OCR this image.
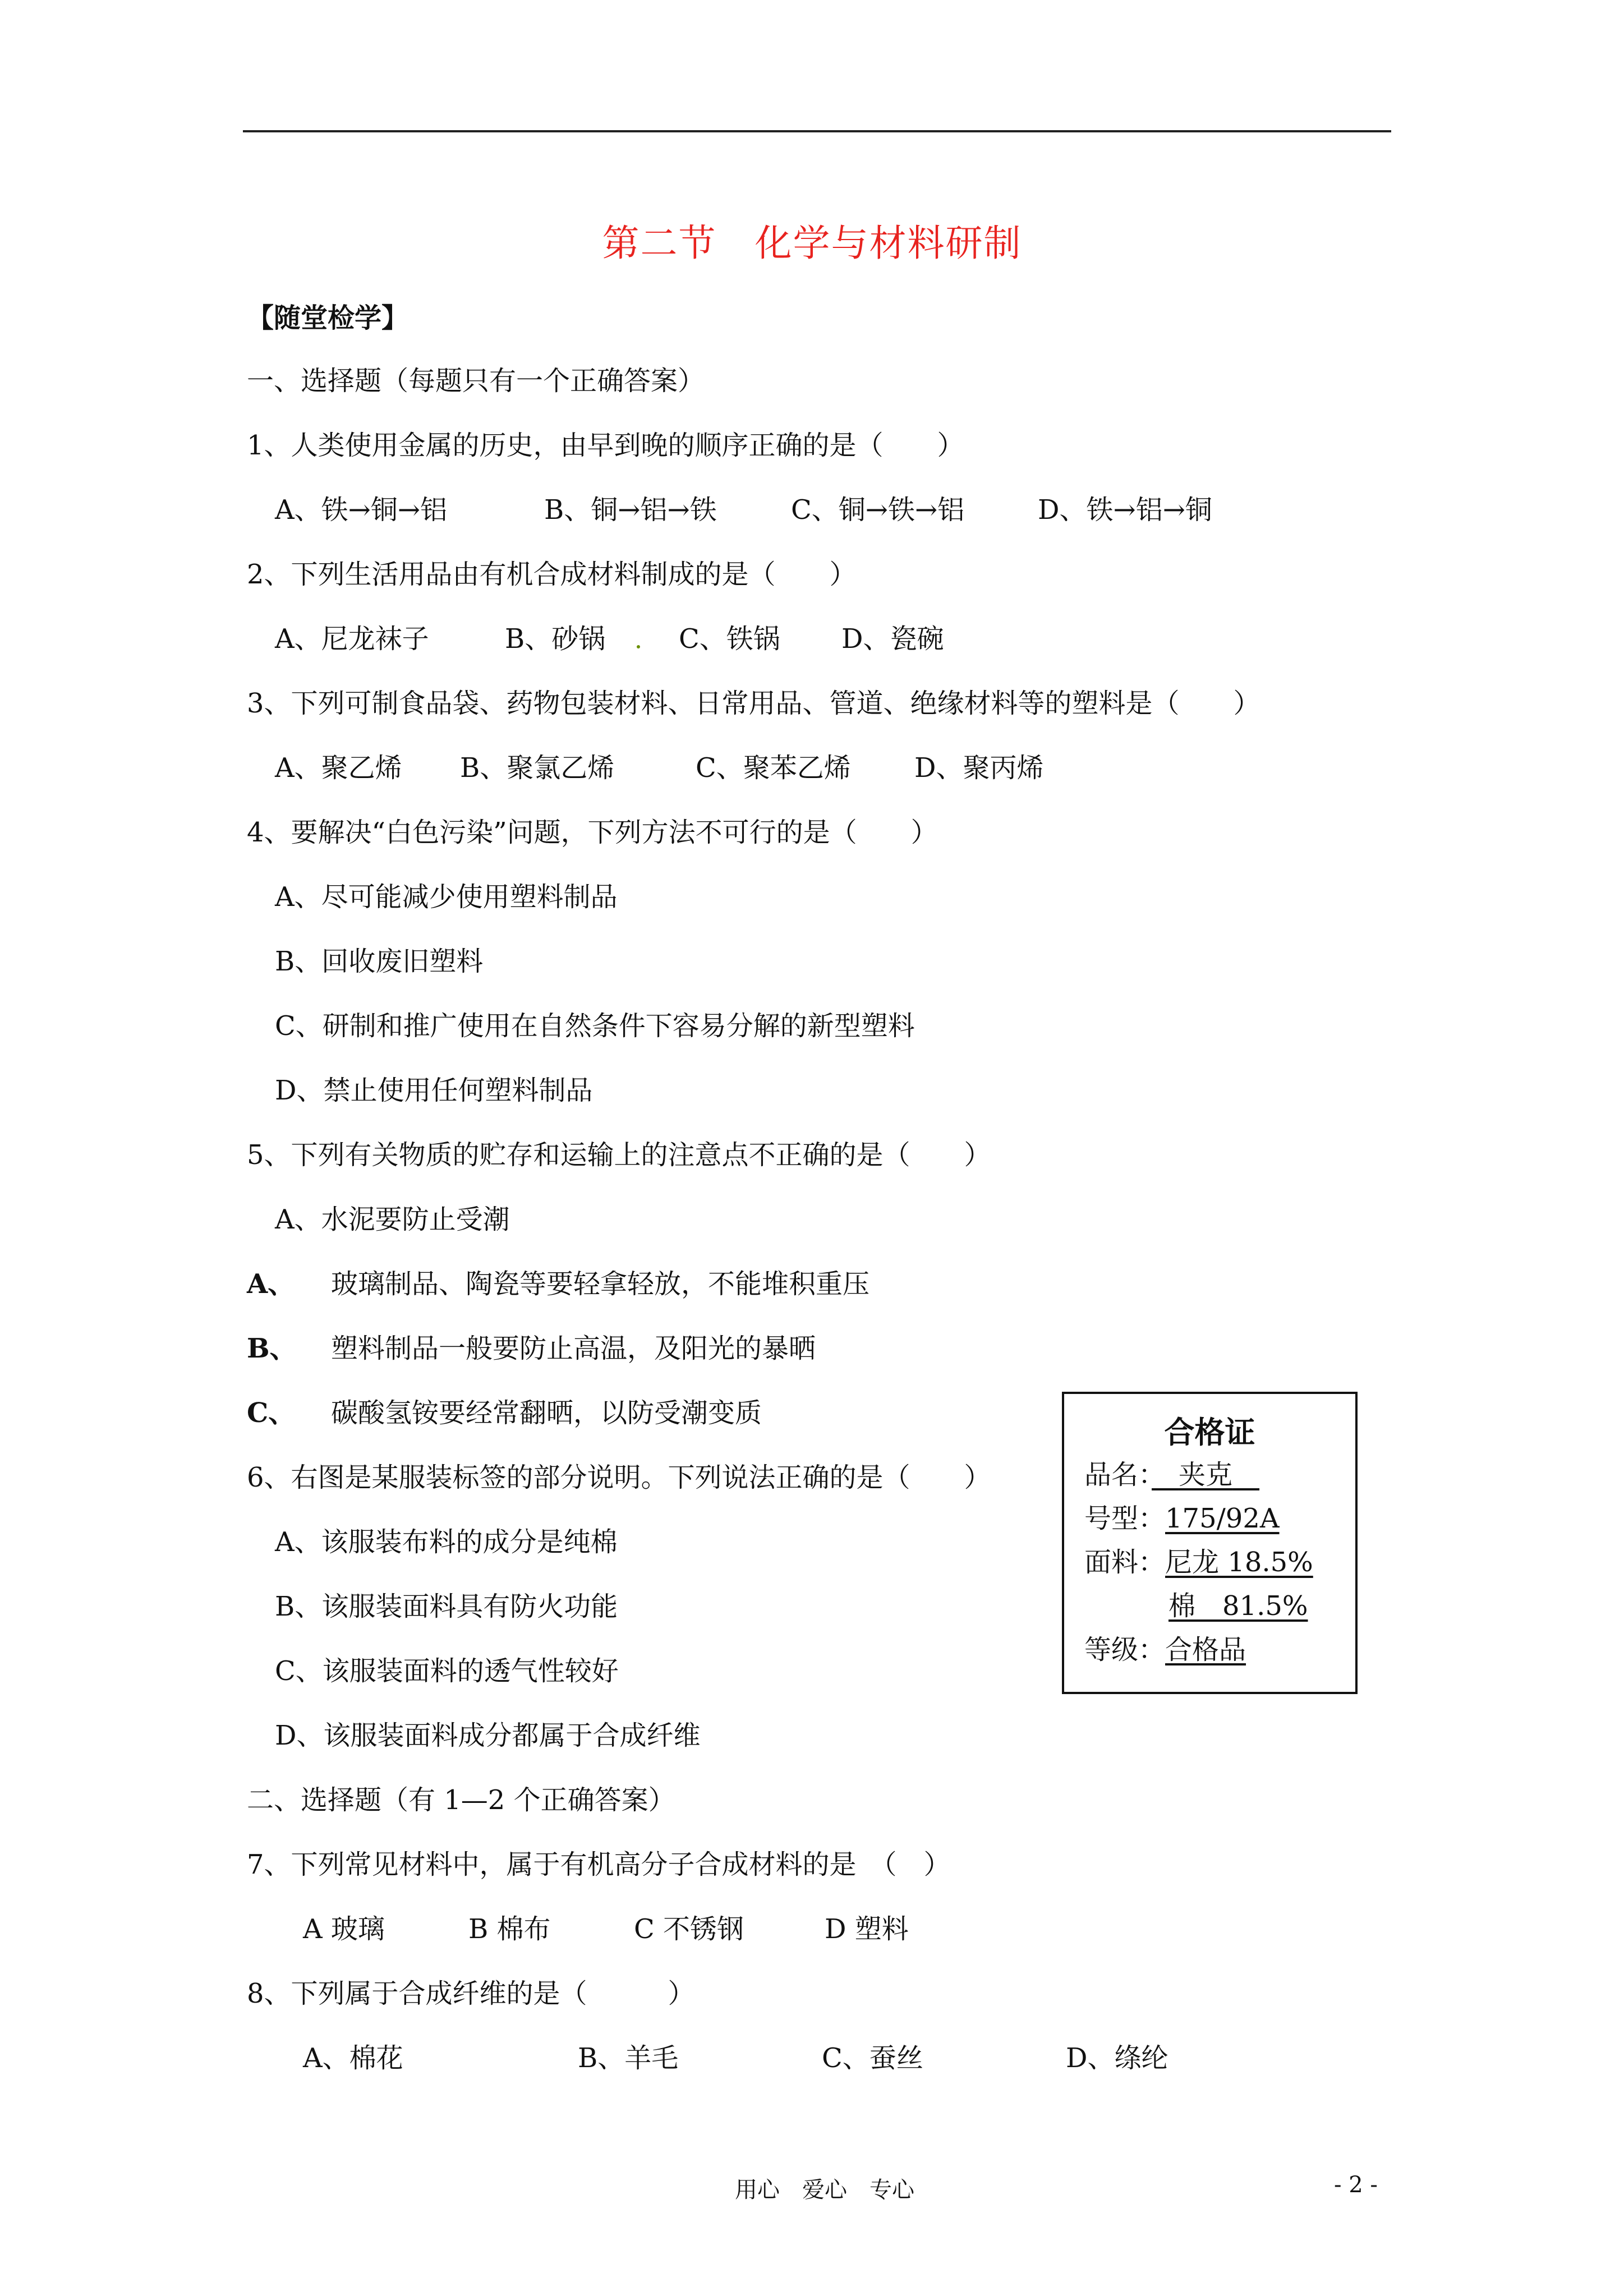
第二节　化学与材料研制
【随堂检学】
一、选择题（每题只有一个正确答案）
1、人类使用金属的历史，由早到晚的顺序正确的是（　　）

A、铁→铜→铝

	B、铜→铝→铁

	C、铜→铁→铝

	D、铁→铝→铜

2、下列生活用品由有机合成材料制成的是（　　）

A、尼龙袜子

	B、砂锅

	C、铁锅

D、瓷碗

3、下列可制食品袋、药物包装材料、日常用品、管道、绝缘材料等的塑料是（　　）

A、聚乙烯

B、聚氯乙烯

	C、聚苯乙烯

D、聚丙烯

4、要解决“白色污染”问题，下列方法不可行的是（　　）
A、尽可能减少使用塑料制品
B、回收废旧塑料
C、研制和推广使用在自然条件下容易分解的新型塑料
D、禁止使用任何塑料制品
5、下列有关物质的贮存和运输上的注意点不正确的是（　　）
A、水泥要防止受潮
A、 玻璃制品、陶瓷等要轻拿轻放，不能堆积重压
B、 塑料制品一般要防止高温，及阳光的暴晒
C、 碳酸氢铵要经常翻晒，以防受潮变质
合格证
品名：　 夹克　
号型：175/92A
面料：尼龙 18.5%
棉　81.5%
等级：合格品
6、右图是某服装标签的部分说明。下列说法正确的是（　　）
A、该服装布料的成分是纯棉
B、该服装面料具有防火功能
C、该服装面料的透气性较好
D、该服装面料成分都属于合成纤维
二、选择题（有 1—2 个正确答案）
7、下列常见材料中，属于有机高分子合成材料的是　（　）

A 玻璃

	B 棉布

	C 不锈钢

	D 塑料

8、下列属于合成纤维的是（　　　）

A、棉花

	B、羊毛

	C、蚕丝

	D、绦纶

用心　爱心　专心	- 2 -
